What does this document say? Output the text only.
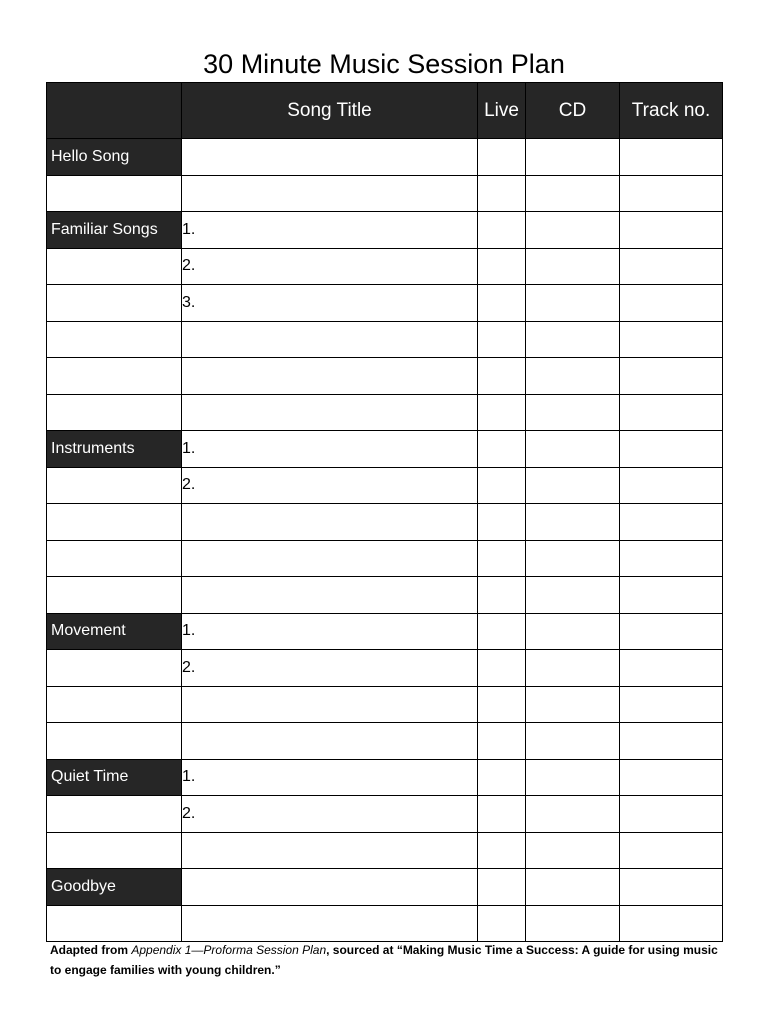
30 Minute Music Session Plan
	Song Title	Live	CD	Track no.
Hello Song				

Familiar Songs	1.			
	2.			
	3.			

Instruments	1.			
	2.			

Movement	1.			
	2.			

Quiet Time	1.			
	2.			

Goodbye				

Adapted from Appendix 1—Proforma Session Plan, sourced at “Making Music Time a Success: A guide for using music to engage families with young children.”
